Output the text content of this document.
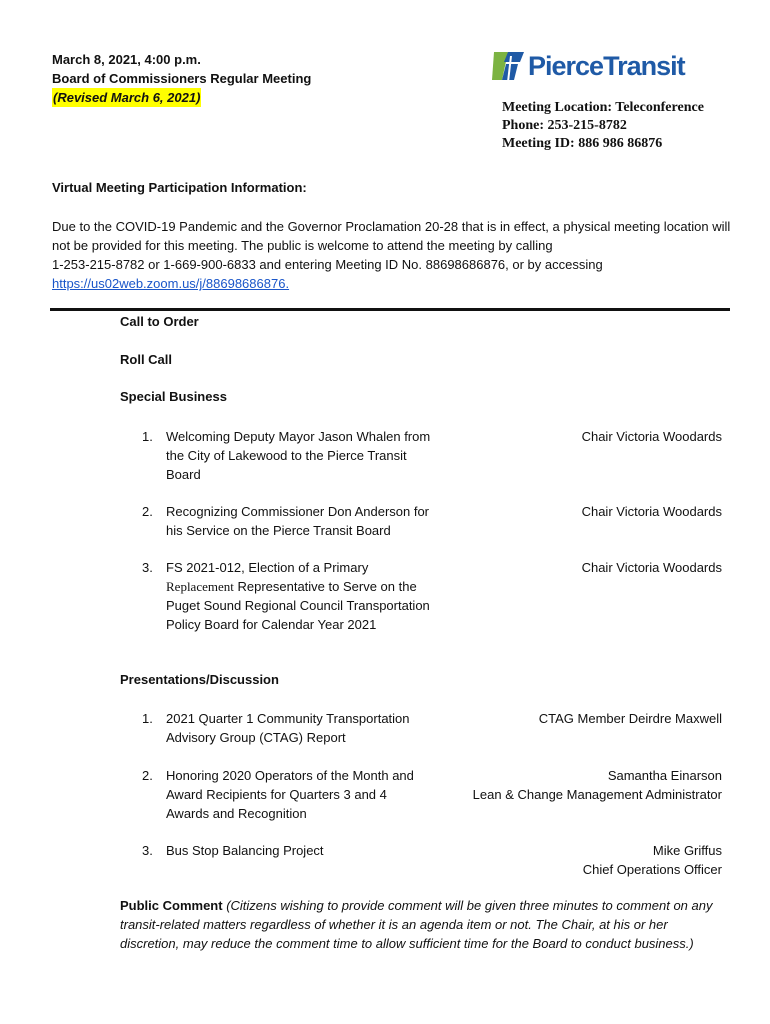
March 8, 2021, 4:00 p.m.
Board of Commissioners Regular Meeting
(Revised March 6, 2021)
PierceTransit
Meeting Location: Teleconference
Phone: 253-215-8782
Meeting ID: 886 986 86876
Virtual Meeting Participation Information:
Due to the COVID-19 Pandemic and the Governor Proclamation 20-28 that is in effect, a physical meeting location will
not be provided for this meeting. The public is welcome to attend the meeting by calling
1-253-215-8782 or 1-669-900-6833 and entering Meeting ID No. 88698686876, or by accessing
https://us02web.zoom.us/j/88698686876.
Call to Order
Roll Call
Special Business
1. Welcoming Deputy Mayor Jason Whalen from the City of Lakewood to the Pierce Transit Board
Chair Victoria Woodards
2. Recognizing Commissioner Don Anderson for his Service on the Pierce Transit Board
Chair Victoria Woodards
3. FS 2021-012, Election of a Primary Replacement Representative to Serve on the Puget Sound Regional Council Transportation Policy Board for Calendar Year 2021
Chair Victoria Woodards
Presentations/Discussion
1. 2021 Quarter 1 Community Transportation Advisory Group (CTAG) Report
CTAG Member Deirdre Maxwell
2. Honoring 2020 Operators of the Month and Award Recipients for Quarters 3 and 4 Awards and Recognition
Samantha Einarson
Lean & Change Management Administrator
3. Bus Stop Balancing Project	Mike Griffus
Chief Operations Officer
Public Comment (Citizens wishing to provide comment will be given three minutes to comment on any transit-related matters regardless of whether it is an agenda item or not. The Chair, at his or her discretion, may reduce the comment time to allow sufficient time for the Board to conduct business.)
